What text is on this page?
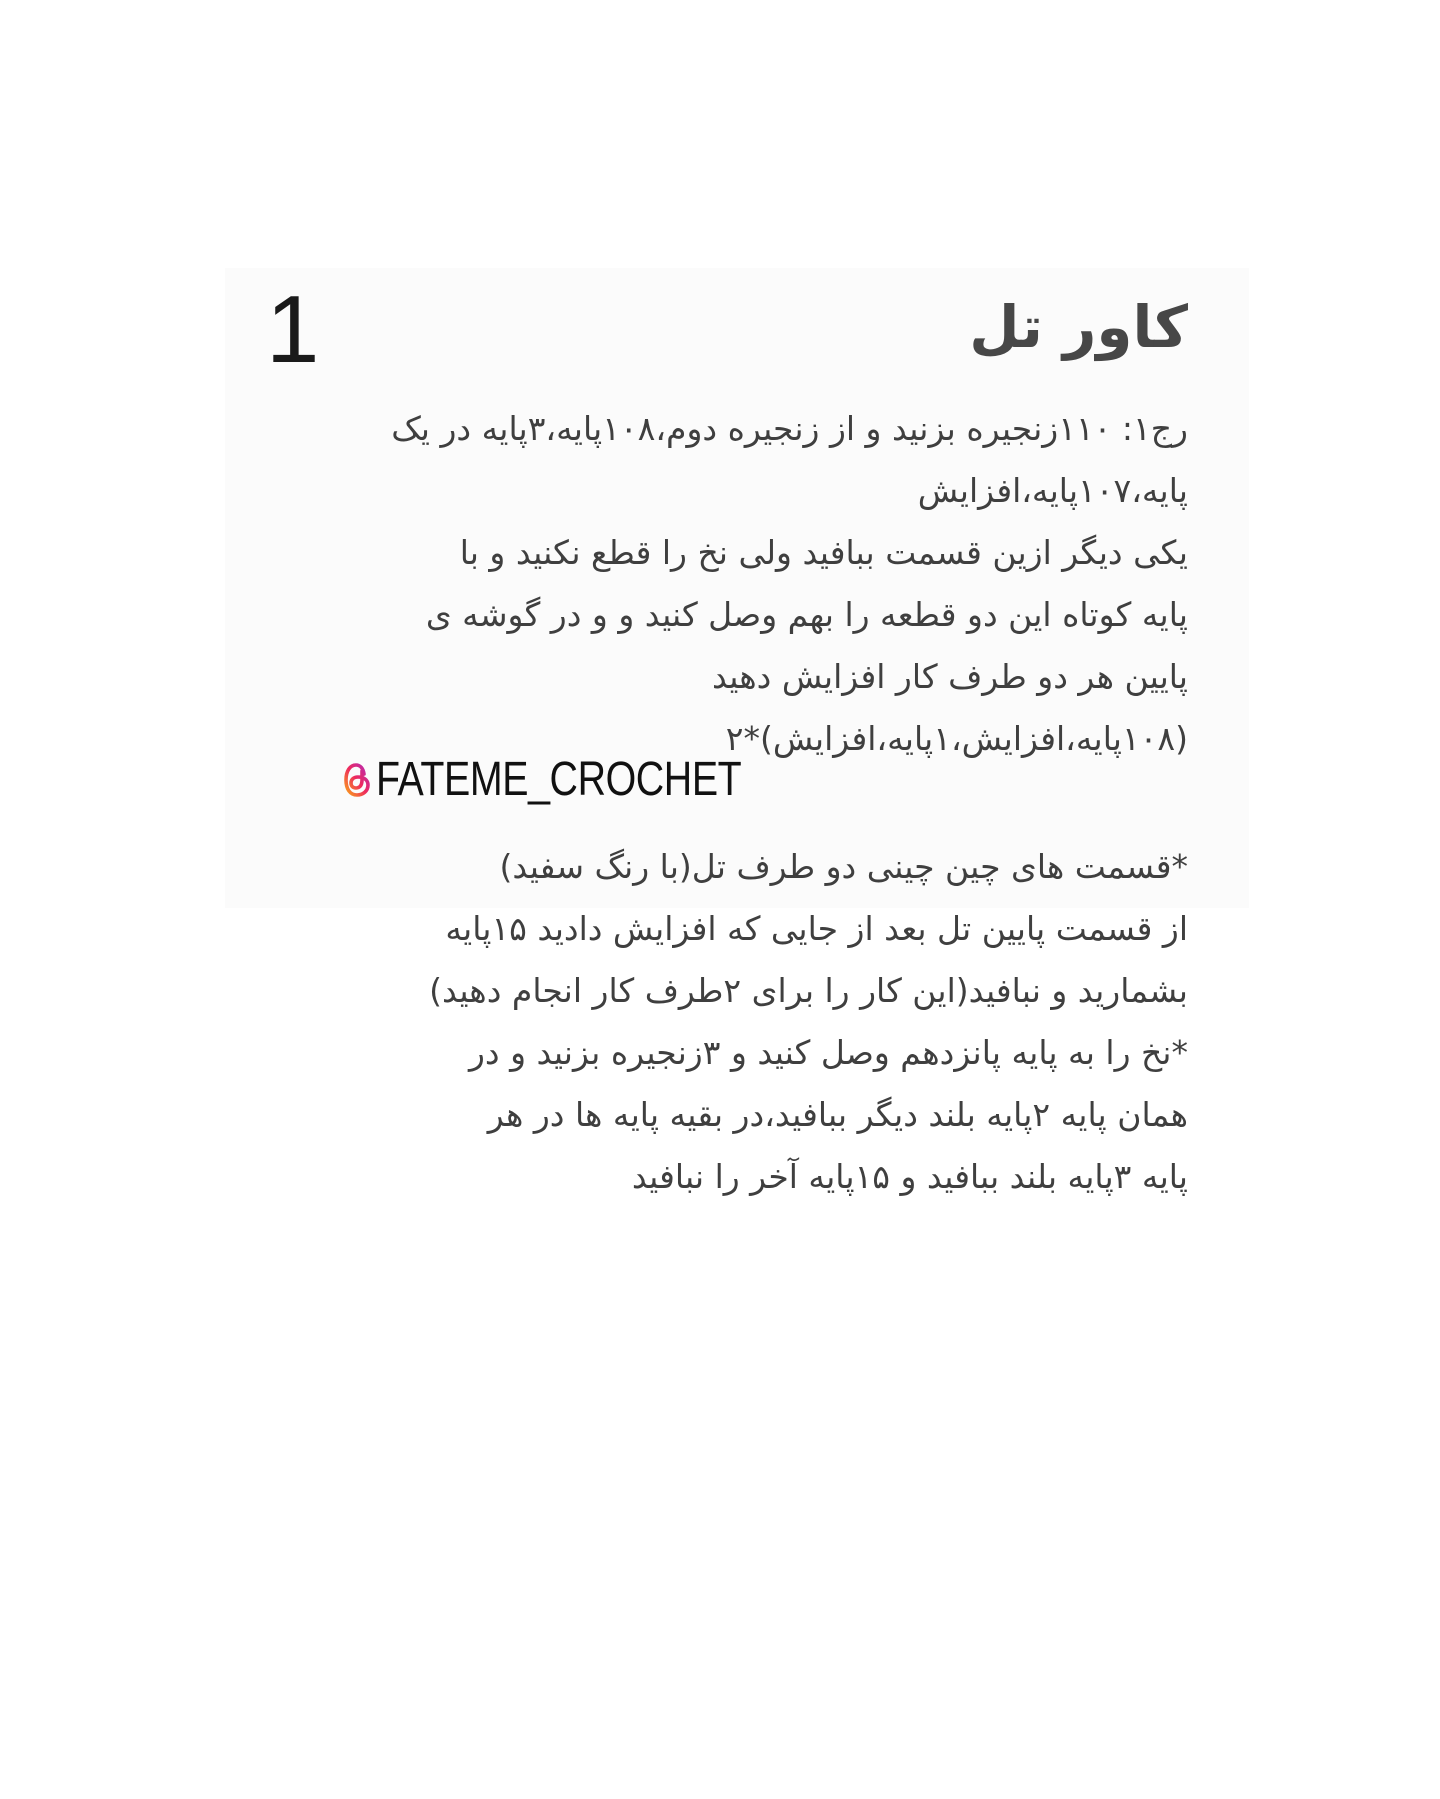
1	کاور تل
رج۱: ۱۱۰زنجیره بزنید و از زنجیره دوم،۱۰۸پایه،۳پایه در یک
پایه،۱۰۷پایه،افزایش
یکی دیگر ازین قسمت ببافید ولی نخ را قطع نکنید و با
پایه کوتاه این دو قطعه را بهم وصل کنید و و در گوشه ی
پایین هر دو طرف کار افزایش دهید
(۱۰۸پایه،افزایش،۱پایه،افزایش)*۲
FATEME_CROCHET
*قسمت های چین چینی دو طرف تل(با رنگ سفید)
از قسمت پایین تل بعد از جایی که افزایش دادید ۱۵پایه
بشمارید و نبافید(این کار را برای ۲طرف کار انجام دهید)
*نخ را به پایه پانزدهم وصل کنید و ۳زنجیره بزنید و در
همان پایه ۲پایه بلند دیگر ببافید،در بقیه پایه ها در هر
پایه ۳پایه بلند ببافید و ۱۵پایه آخر را نبافید
